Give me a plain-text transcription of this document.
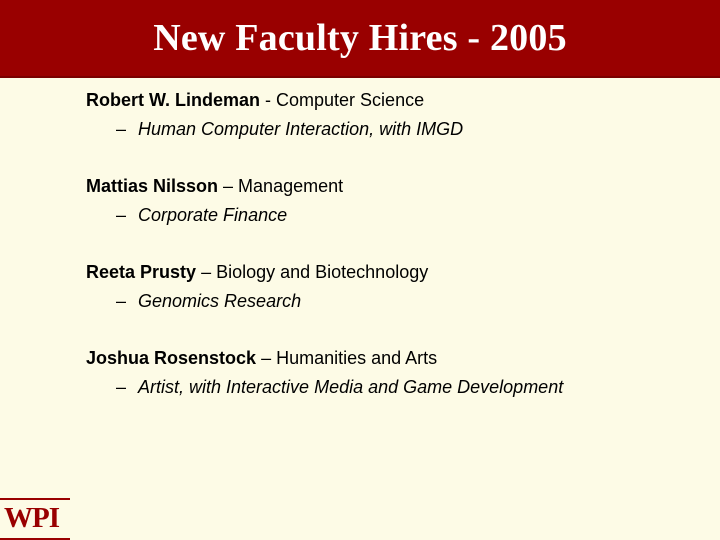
New Faculty Hires - 2005
Robert W. Lindeman - Computer Science
– Human Computer Interaction, with IMGD
Mattias Nilsson – Management
– Corporate Finance
Reeta Prusty – Biology and Biotechnology
– Genomics Research
Joshua Rosenstock – Humanities and Arts
– Artist, with Interactive Media and Game Development
WPI
